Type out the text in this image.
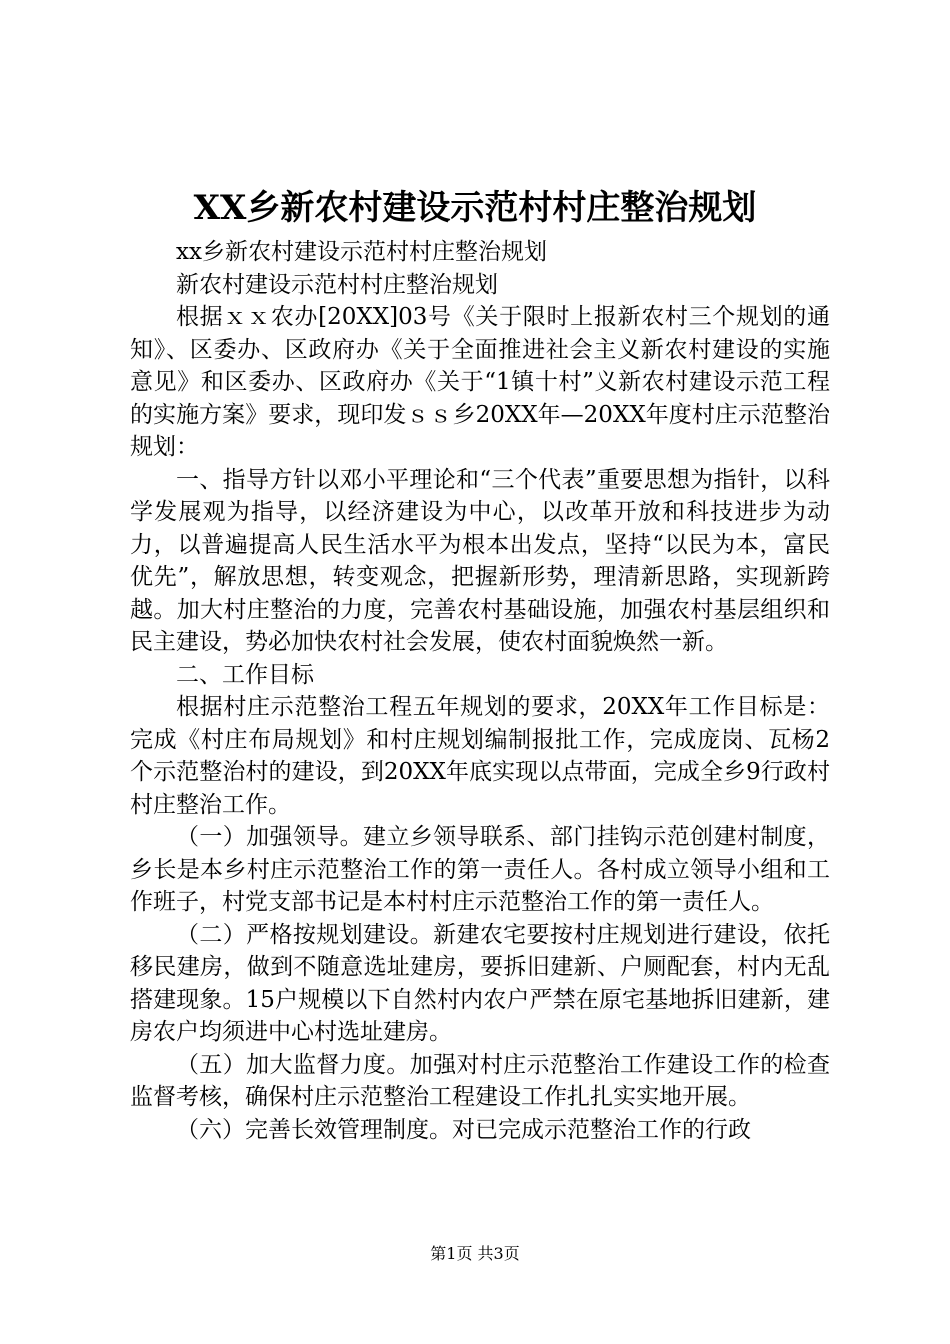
XX乡新农村建设示范村村庄整治规划

xx乡新农村建设示范村村庄整治规划

新农村建设示范村村庄整治规划

根据ｘｘ农办[20XX]03号《关于限时上报新农村三个规划的通知》、区委办、区政府办《关于全面推进社会主义新农村建设的实施意见》和区委办、区政府办《关于“1镇十村”义新农村建设示范工程的实施方案》要求，现印发ｓｓ乡20XX年—20XX年度村庄示范整治规划：

一、指导方针以邓小平理论和“三个代表”重要思想为指针，以科学发展观为指导，以经济建设为中心，以改革开放和科技进步为动力，以普遍提高人民生活水平为根本出发点，坚持“以民为本，富民优先”，解放思想，转变观念，把握新形势，理清新思路，实现新跨越。加大村庄整治的力度，完善农村基础设施，加强农村基层组织和民主建设，势必加快农村社会发展，使农村面貌焕然一新。

二、工作目标

根据村庄示范整治工程五年规划的要求，20XX年工作目标是：完成《村庄布局规划》和村庄规划编制报批工作，完成庞岗、瓦杨2个示范整治村的建设，到20XX年底实现以点带面，完成全乡9行政村村庄整治工作。

（一）加强领导。建立乡领导联系、部门挂钩示范创建村制度，乡长是本乡村庄示范整治工作的第一责任人。各村成立领导小组和工作班子，村党支部书记是本村村庄示范整治工作的第一责任人。

（二）严格按规划建设。新建农宅要按村庄规划进行建设，依托移民建房，做到不随意选址建房，要拆旧建新、户厕配套，村内无乱搭建现象。15户规模以下自然村内农户严禁在原宅基地拆旧建新，建房农户均须进中心村选址建房。

（五）加大监督力度。加强对村庄示范整治工作建设工作的检查监督考核，确保村庄示范整治工程建设工作扎扎实实地开展。

（六）完善长效管理制度。对已完成示范整治工作的行政

第1页 共3页
